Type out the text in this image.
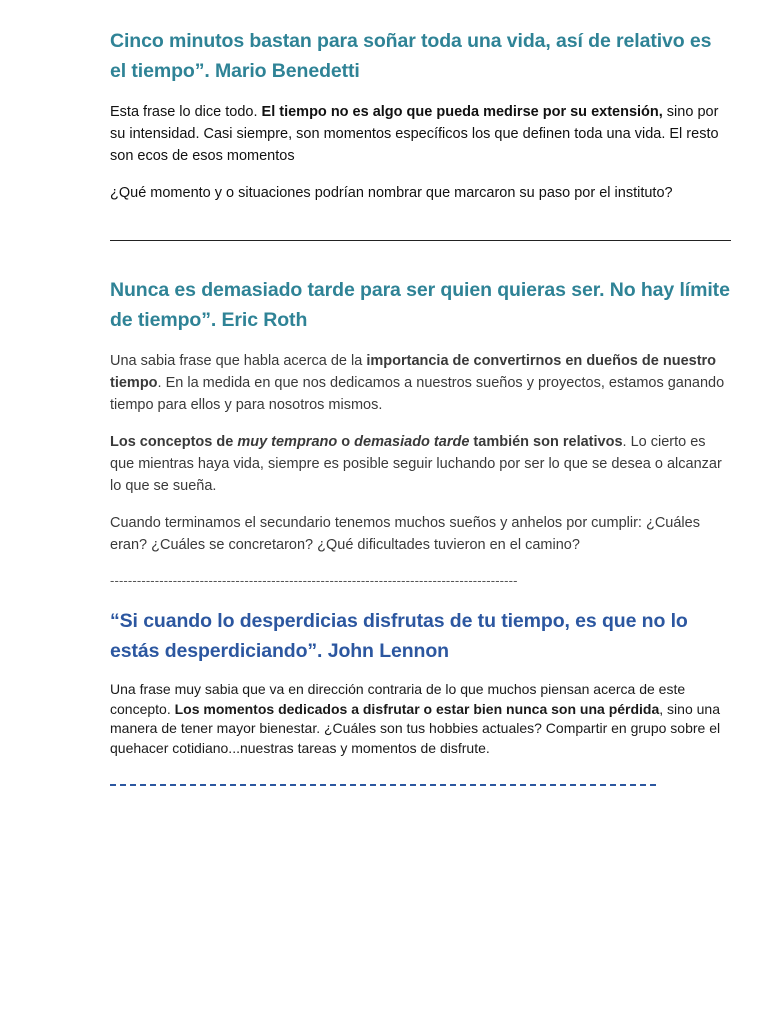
Cinco minutos bastan para soñar toda una vida, así de relativo es el tiempo”. Mario Benedetti

Esta frase lo dice todo. El tiempo no es algo que pueda medirse por su extensión, sino por su intensidad. Casi siempre, son momentos específicos los que definen toda una vida. El resto son ecos de esos momentos

¿Qué momento y o situaciones podrían nombrar que marcaron su paso por el instituto?

Nunca es demasiado tarde para ser quien quieras ser. No hay límite de tiempo”. Eric Roth

Una sabia frase que habla acerca de la importancia de convertirnos en dueños de nuestro tiempo. En la medida en que nos dedicamos a nuestros sueños y proyectos, estamos ganando tiempo para ellos y para nosotros mismos.

Los conceptos de muy temprano o demasiado tarde también son relativos. Lo cierto es que mientras haya vida, siempre es posible seguir luchando por ser lo que se desea o alcanzar lo que se sueña.

Cuando terminamos el secundario tenemos muchos sueños y anhelos por cumplir: ¿Cuáles eran? ¿Cuáles se concretaron? ¿Qué dificultades tuvieron en el camino?

-------------------------------------------------------------------------------------------
“Si cuando lo desperdicias disfrutas de tu tiempo, es que no lo estás desperdiciando”. John Lennon

Una frase muy sabia que va en dirección contraria de lo que muchos piensan acerca de este concepto. Los momentos dedicados a disfrutar o estar bien nunca son una pérdida, sino una manera de tener mayor bienestar. ¿Cuáles son tus hobbies actuales? Compartir en grupo sobre el quehacer cotidiano...nuestras tareas y momentos de disfrute.
